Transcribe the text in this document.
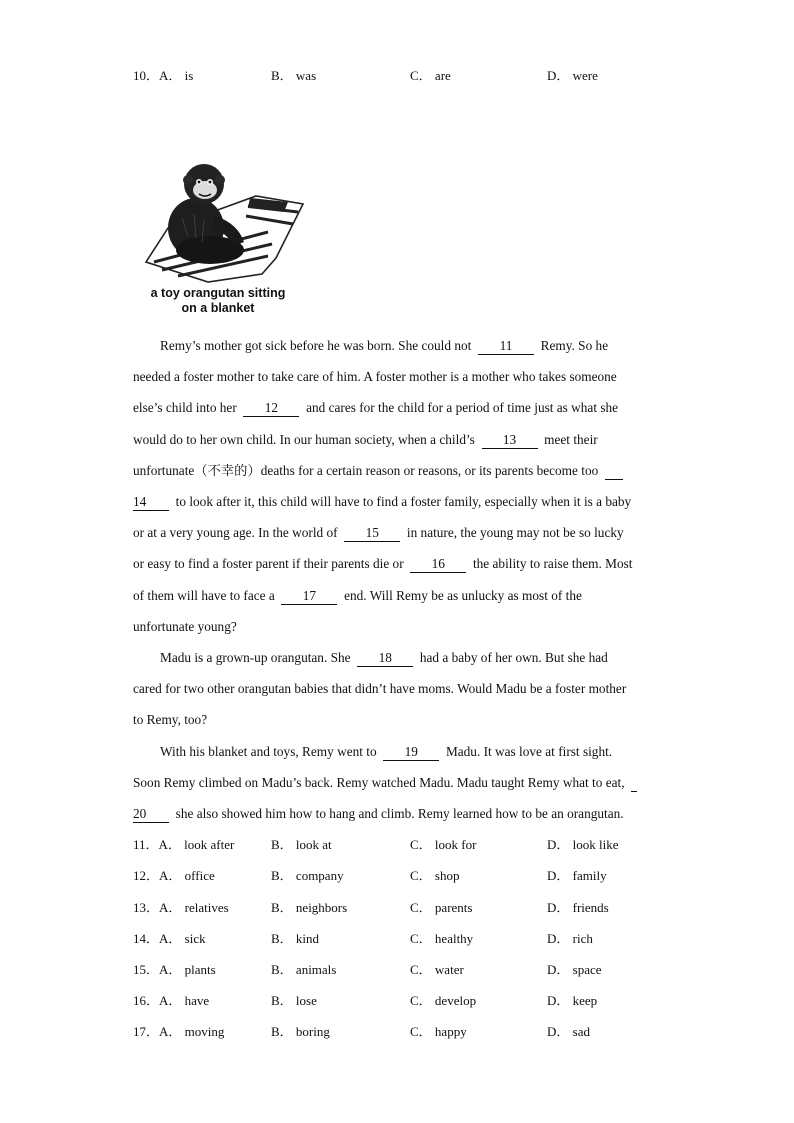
10．A． is	B． was	C． are	D． were
a toy orangutan sitting
on a blanket
Remy’s mother got sick before he was born. She could not 11 Remy. So he
needed a foster mother to take care of him. A foster mother is a mother who takes someone
else’s child into her 12 and cares for the child for a period of time just as what she
would do to her own child. In our human society, when a child’s 13 meet their
unfortunate（不幸的）deaths for a certain reason or reasons, or its parents become too
14 to look after it, this child will have to find a foster family, especially when it is a baby
or at a very young age. In the world of 15 in nature, the young may not be so lucky
or easy to find a foster parent if their parents die or 16 the ability to raise them. Most
of them will have to face a 17 end. Will Remy be as unlucky as most of the
unfortunate young?
Madu is a grown-up orangutan. She 18 had a baby of her own. But she had
cared for two other orangutan babies that didn’t have moms. Would Madu be a foster mother
to Remy, too?
With his blanket and toys, Remy went to 19 Madu. It was love at first sight.
Soon Remy climbed on Madu’s back. Remy watched Madu. Madu taught Remy what to eat,
20 she also showed him how to hang and climb. Remy learned how to be an orangutan.
11．A． look after	B． look at	C． look for	D． look like
12．A． office	B． company	C． shop	D． family
13．A． relatives	B． neighbors	C． parents	D． friends
14．A． sick	B． kind	C． healthy	D． rich
15．A． plants	B． animals	C． water	D． space
16．A． have	B． lose	C． develop	D． keep
17．A． moving	B． boring	C． happy	D． sad
